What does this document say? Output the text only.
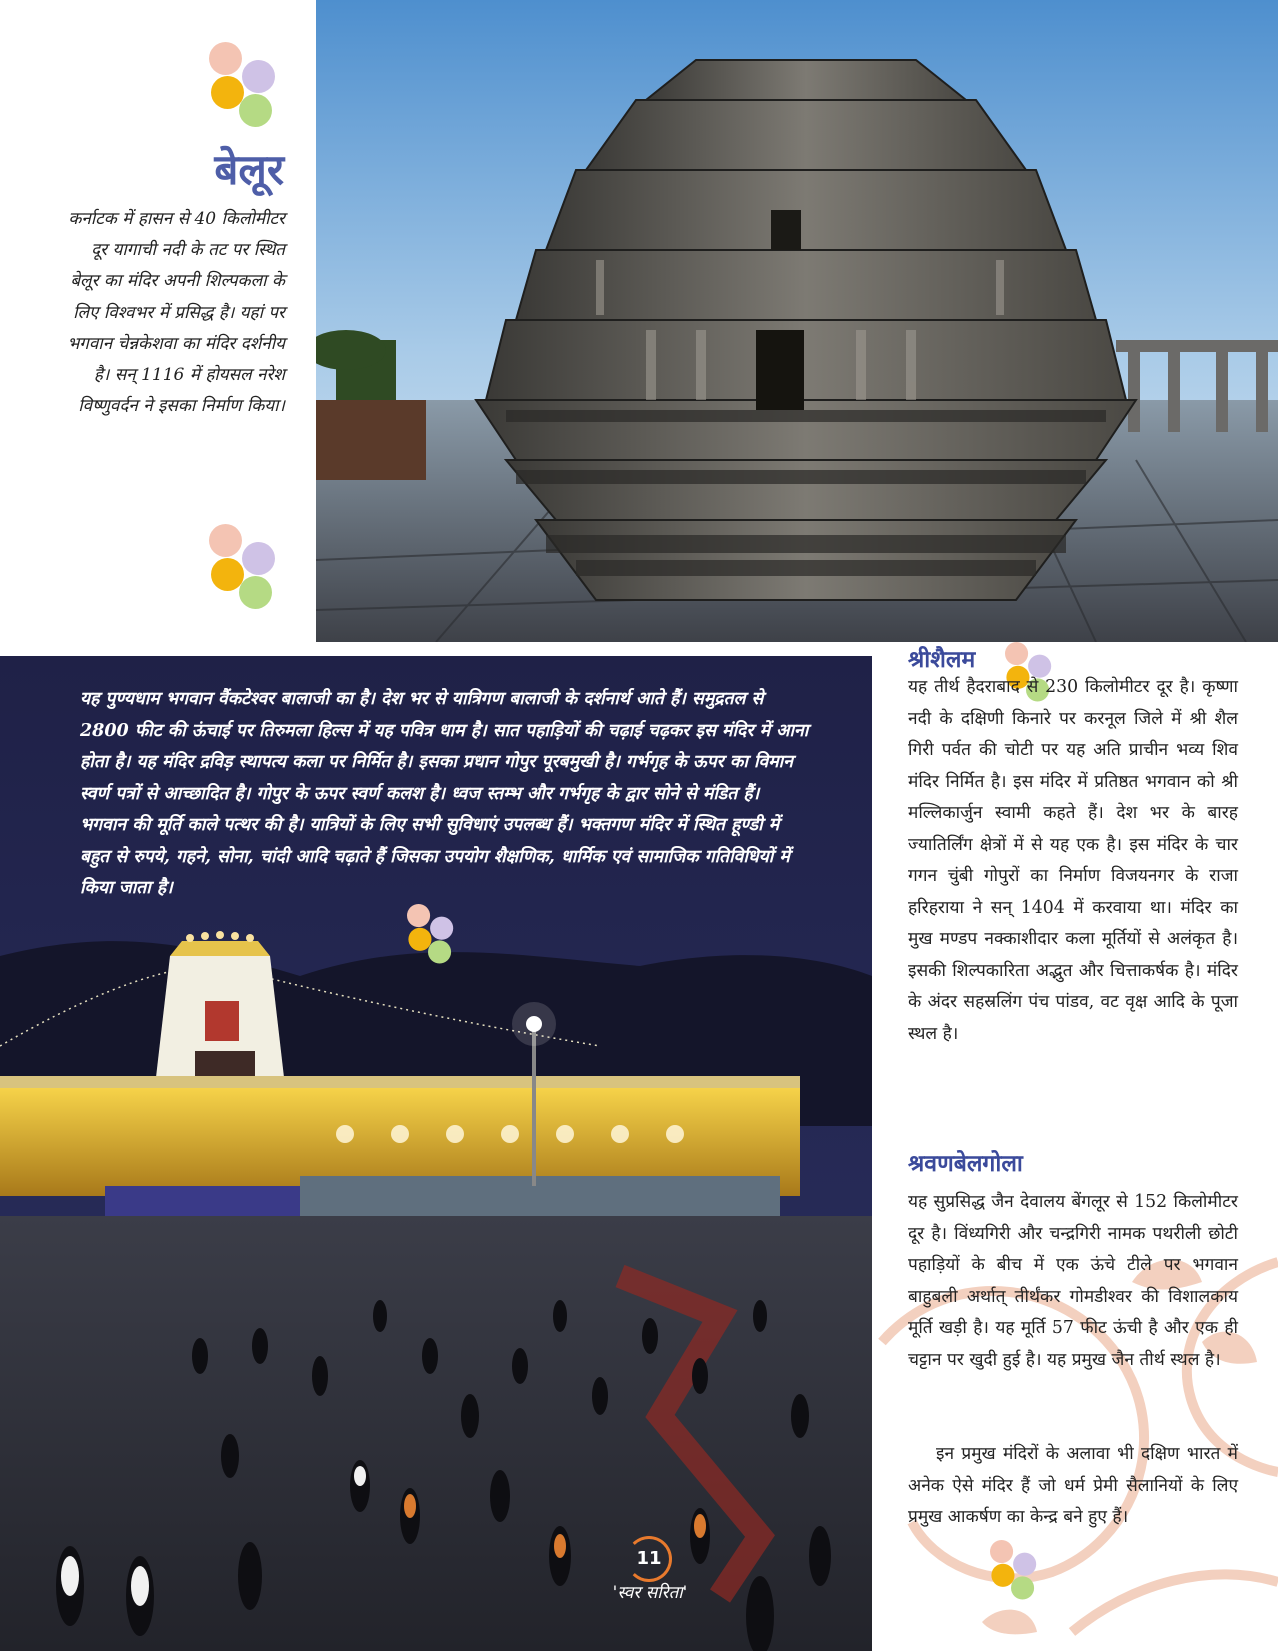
बेलूर

कर्नाटक में हासन से 40 किलोमीटर दूर यागाची नदी के तट पर स्थित बेलूर का मंदिर अपनी शिल्पकला के लिए विश्वभर में प्रसिद्ध है। यहां पर भगवान चेन्नकेशवा का मंदिर दर्शनीय है। सन् 1116 में होयसल नरेश विष्णुवर्दन ने इसका निर्माण किया।

यह पुण्यधाम भगवान वैंकटेश्वर बालाजी का है। देश भर से यात्रिगण बालाजी के दर्शनार्थ आते हैं। समुद्रतल से 2800 फीट की ऊंचाई पर तिरुमला हिल्स में यह पवित्र धाम है। सात पहाड़ियों की चढ़ाई चढ़कर इस मंदिर में आना होता है। यह मंदिर द्रविड़ स्थापत्य कला पर निर्मित है। इसका प्रधान गोपुर पूरबमुखी है। गर्भगृह के ऊपर का विमान स्वर्ण पत्रों से आच्छादित है। गोपुर के ऊपर स्वर्ण कलश है। ध्वज स्तम्भ और गर्भगृह के द्वार सोने से मंडित हैं। भगवान की मूर्ति काले पत्थर की है। यात्रियों के लिए सभी सुविधाएं उपलब्ध हैं। भक्तगण मंदिर में स्थित हूण्डी में बहुत से रुपये, गहने, सोना, चांदी आदि चढ़ाते हैं जिसका उपयोग शैक्षणिक, धार्मिक एवं सामाजिक गतिविधियों में किया जाता है।

11
'स्वर सरिता'
श्रीशैलम

यह तीर्थ हैदराबाद से 230 किलोमीटर दूर है। कृष्णा नदी के दक्षिणी किनारे पर करनूल जिले में श्री शैल गिरी पर्वत की चोटी पर यह अति प्राचीन भव्य शिव मंदिर निर्मित है। इस मंदिर में प्रतिष्ठत भगवान को श्री मल्लिकार्जुन स्वामी कहते हैं। देश भर के बारह ज्यातिर्लिंग क्षेत्रों में से यह एक है। इस मंदिर के चार गगन चुंबी गोपुरों का निर्माण विजयनगर के राजा हरिहराया ने सन् 1404 में करवाया था। मंदिर का मुख मण्डप नक्काशीदार कला मूर्तियों से अलंकृत है। इसकी शिल्पकारिता अद्भुत और चित्ताकर्षक है। मंदिर के अंदर सहस्रलिंग पंच पांडव, वट वृक्ष आदि के पूजा स्थल है।

श्रवणबेलगोला

यह सुप्रसिद्ध जैन देवालय बेंगलूर से 152 किलोमीटर दूर है। विंध्यगिरी और चन्द्रगिरी नामक पथरीली छोटी पहाड़ियों के बीच में एक ऊंचे टीले पर भगवान बाहुबली अर्थात् तीर्थंकर गोमडीश्वर की विशालकाय मूर्ति खड़ी है। यह मूर्ति 57 फीट ऊंची है और एक ही चट्टान पर खुदी हुई है। यह प्रमुख जैन तीर्थ स्थल है।

इन प्रमुख मंदिरों के अलावा भी दक्षिण भारत में अनेक ऐसे मंदिर हैं जो धर्म प्रेमी सैलानियों के लिए प्रमुख आकर्षण का केन्द्र बने हुए हैं।
